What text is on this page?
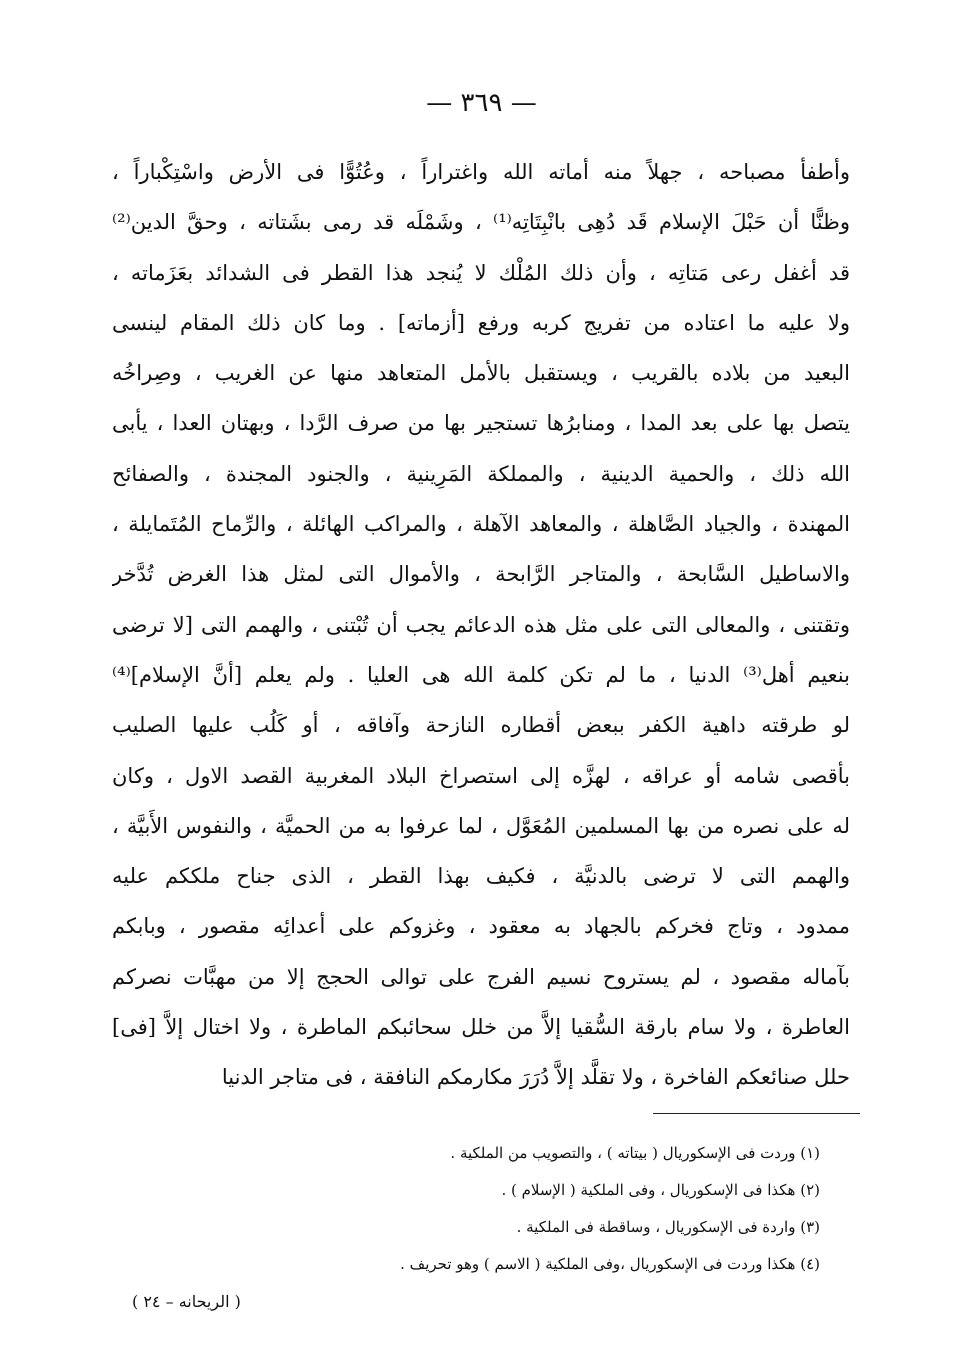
— ٣٦٩ —
وأطفأ مصباحه ، جهلاً منه أماته الله واغتراراً ، وعُتُوًّا فى الأرض واسْتِكْباراً ،
وظنًّا أن حَبْلَ الإسلام قَد دُهِى بانْبِتَاتِه⁽¹⁾ ، وشَمْلَه قد رمى بشَتاته ، وحقَّ الدين⁽²⁾
قد أغفل رعى مَتاتِه ، وأن ذلك المُلْك لا يُنجد هذا القطر فى الشدائد بعَزَماته ،
ولا عليه ما اعتاده من تفريج كربه ورفع [أزماته] . وما كان ذلك المقام لينسى
البعيد من بلاده بالقريب ، ويستقبل بالأمل المتعاهد منها عن الغريب ، وصِراخُه
يتصل بها على بعد المدا ، ومنابرُها تستجير بها من صرف الرَّدا ، وبهتان العدا ، يأبى
الله ذلك ، والحمية الدينية ، والمملكة المَرِينية ، والجنود المجندة ، والصفائح
المهندة ، والجياد الصَّاهلة ، والمعاهد الآهلة ، والمراكب الهائلة ، والرِّماح المُتَمايلة ،
والاساطيل السَّابحة ، والمتاجر الرَّابحة ، والأموال التى لمثل هذا الغرض تُدَّخر
وتقتنى ، والمعالى التى على مثل هذه الدعائم يجب أن تُبْتنى ، والهمم التى [لا ترضى
بنعيم أهل⁽³⁾ الدنيا ، ما لم تكن كلمة الله هى العليا . ولم يعلم [أنَّ الإسلام]⁽⁴⁾
لو طرقته داهية الكفر ببعض أقطاره النازحة وآفاقه ، أو كَلُب عليها الصليب
بأقصى شامه أو عراقه ، لهزَّه إلى استصراخ البلاد المغربية القصد الاول ، وكان
له على نصره من بها المسلمين المُعَوَّل ، لما عرفوا به من الحميَّة ، والنفوس الأَبيَّة ،
والهمم التى لا ترضى بالدنيَّة ، فكيف بهذا القطر ، الذى جناح ملككم عليه
ممدود ، وتاج فخركم بالجهاد به معقود ، وغزوكم على أعدائِه مقصور ، وبابكم
بآماله مقصود ، لم يستروح نسيم الفرج على توالى الحجج إلا من مهبَّات نصركم
العاطرة ، ولا سام بارقة السُّقيا إلاَّ من خلل سحائبكم الماطرة ، ولا اختال إلاَّ [فى]
حلل صنائعكم الفاخرة ، ولا تقلَّد إلاَّ دُرَرَ مكارمكم النافقة ، فى متاجر الدنيا
(١) وردت فى الإسكوريال ( بيتاته ) ، والتصويب من الملكية .
(٢) هكذا فى الإسكوريال ، وفى الملكية ( الإسلام ) .
(٣) واردة فى الإسكوريال ، وساقطة فى الملكية .
(٤) هكذا وردت فى الإسكوريال ،وفى الملكية ( الاسم ) وهو تحريف .
( الريحانه – ٢٤ )
